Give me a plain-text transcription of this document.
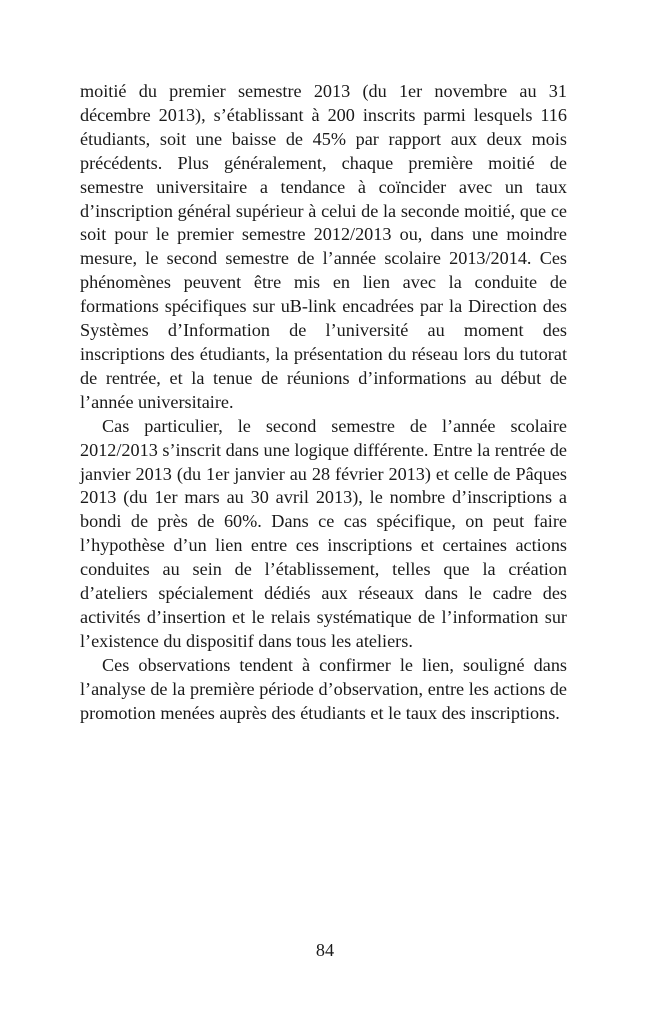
moitié du premier semestre 2013 (du 1er novembre au 31 décembre 2013), s’établissant à 200 inscrits parmi lesquels 116 étudiants, soit une baisse de 45% par rapport aux deux mois précédents. Plus généralement, chaque première moitié de semestre universitaire a tendance à coïncider avec un taux d’inscription général supérieur à celui de la seconde moitié, que ce soit pour le premier semestre 2012/2013 ou, dans une moindre mesure, le second semestre de l’année scolaire 2013/2014. Ces phénomènes peuvent être mis en lien avec la conduite de formations spécifiques sur uB-link encadrées par la Direction des Systèmes d’Information de l’université au moment des inscriptions des étudiants, la présentation du réseau lors du tutorat de rentrée, et la tenue de réunions d’informations au début de l’année universitaire.

Cas particulier, le second semestre de l’année scolaire 2012/2013 s’inscrit dans une logique différente. Entre la rentrée de janvier 2013 (du 1er janvier au 28 février 2013) et celle de Pâques 2013 (du 1er mars au 30 avril 2013), le nombre d’inscriptions a bondi de près de 60%. Dans ce cas spécifique, on peut faire l’hypothèse d’un lien entre ces inscriptions et certaines actions conduites au sein de l’établissement, telles que la création d’ateliers spécialement dédiés aux réseaux dans le cadre des activités d’insertion et le relais systématique de l’information sur l’existence du dispositif dans tous les ateliers.

Ces observations tendent à confirmer le lien, souligné dans l’analyse de la première période d’observation, entre les actions de promotion menées auprès des étudiants et le taux des inscriptions.

84
